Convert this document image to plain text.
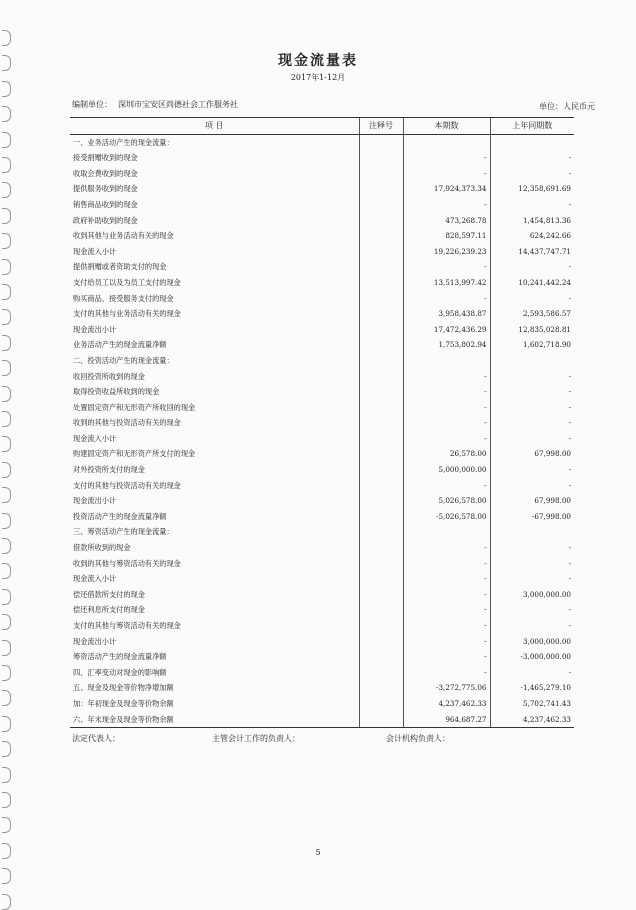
现金流量表
2017年1-12月
编制单位： 深圳市宝安区尚德社会工作服务社	单位：人民币元
项 目	注释号	本期数	上年同期数
一、业务活动产生的现金流量：			
接受捐赠收到的现金		-	-
收取会费收到的现金		-	-
提供服务收到的现金		17,924,373.34	12,358,691.69
销售商品收到的现金		-	-
政府补助收到的现金		473,268.78	1,454,813.36
收到其他与业务活动有关的现金		828,597.11	624,242.66
现金流入小计		19,226,239.23	14,437,747.71
提供捐赠或者资助支付的现金		-	-
支付给员工以及为员工支付的现金		13,513,997.42	10,241,442.24
购买商品、接受服务支付的现金		-	-
支付的其他与业务活动有关的现金		3,958,438.87	2,593,586.57
现金流出小计		17,472,436.29	12,835,028.81
业务活动产生的现金流量净额		1,753,802.94	1,602,718.90
二、投资活动产生的现金流量：			
收回投资所收到的现金		-	-
取得投资收益所收到的现金		-	-
处置固定资产和无形资产所收回的现金		-	-
收到的其他与投资活动有关的现金		-	-
现金流入小计		-	-
购建固定资产和无形资产所支付的现金		26,578.00	67,998.00
对外投资所支付的现金		5,000,000.00	-
支付的其他与投资活动有关的现金		-	-
现金流出小计		5,026,578.00	67,998.00
投资活动产生的现金流量净额		-5,026,578.00	-67,998.00
三、筹资活动产生的现金流量：			
借款所收到的现金		-	-
收到的其他与筹资活动有关的现金		-	-
现金流入小计		-	-
偿还借款所支付的现金		-	3,000,000.00
偿还利息所支付的现金		-	-
支付的其他与筹资活动有关的现金		-	-
现金流出小计		-	3,000,000.00
筹资活动产生的现金流量净额		-	-3,000,000.00
四、汇率变动对现金的影响额		-	-
五、现金及现金等价物净增加额		-3,272,775.06	-1,465,279.10
加：年初现金及现金等价物余额		4,237,462.33	5,702,741.43
六、年末现金及现金等价物余额		964,687.27	4,237,462.33
法定代表人：	主管会计工作的负责人：	会计机构负责人：
5
